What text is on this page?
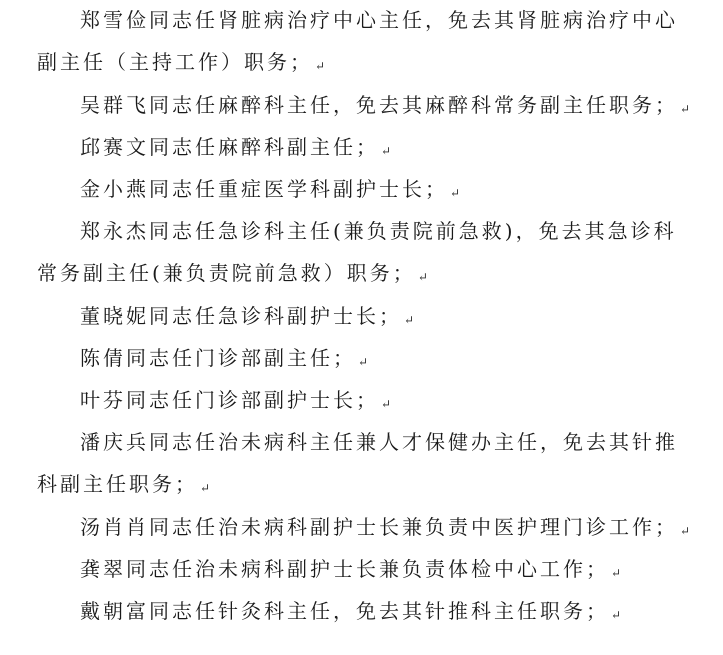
郑雪俭同志任肾脏病治疗中心主任，免去其肾脏病治疗中心
副主任（主持工作）职务； ↵
吴群飞同志任麻醉科主任，免去其麻醉科常务副主任职务； ↵
邱赛文同志任麻醉科副主任； ↵
金小燕同志任重症医学科副护士长； ↵
郑永杰同志任急诊科主任(兼负责院前急救)，免去其急诊科
常务副主任(兼负责院前急救）职务； ↵
董晓妮同志任急诊科副护士长； ↵
陈倩同志任门诊部副主任； ↵
叶芬同志任门诊部副护士长； ↵
潘庆兵同志任治未病科主任兼人才保健办主任，免去其针推
科副主任职务； ↵
汤肖肖同志任治未病科副护士长兼负责中医护理门诊工作； ↵
龚翠同志任治未病科副护士长兼负责体检中心工作； ↵
戴朝富同志任针灸科主任，免去其针推科主任职务； ↵
